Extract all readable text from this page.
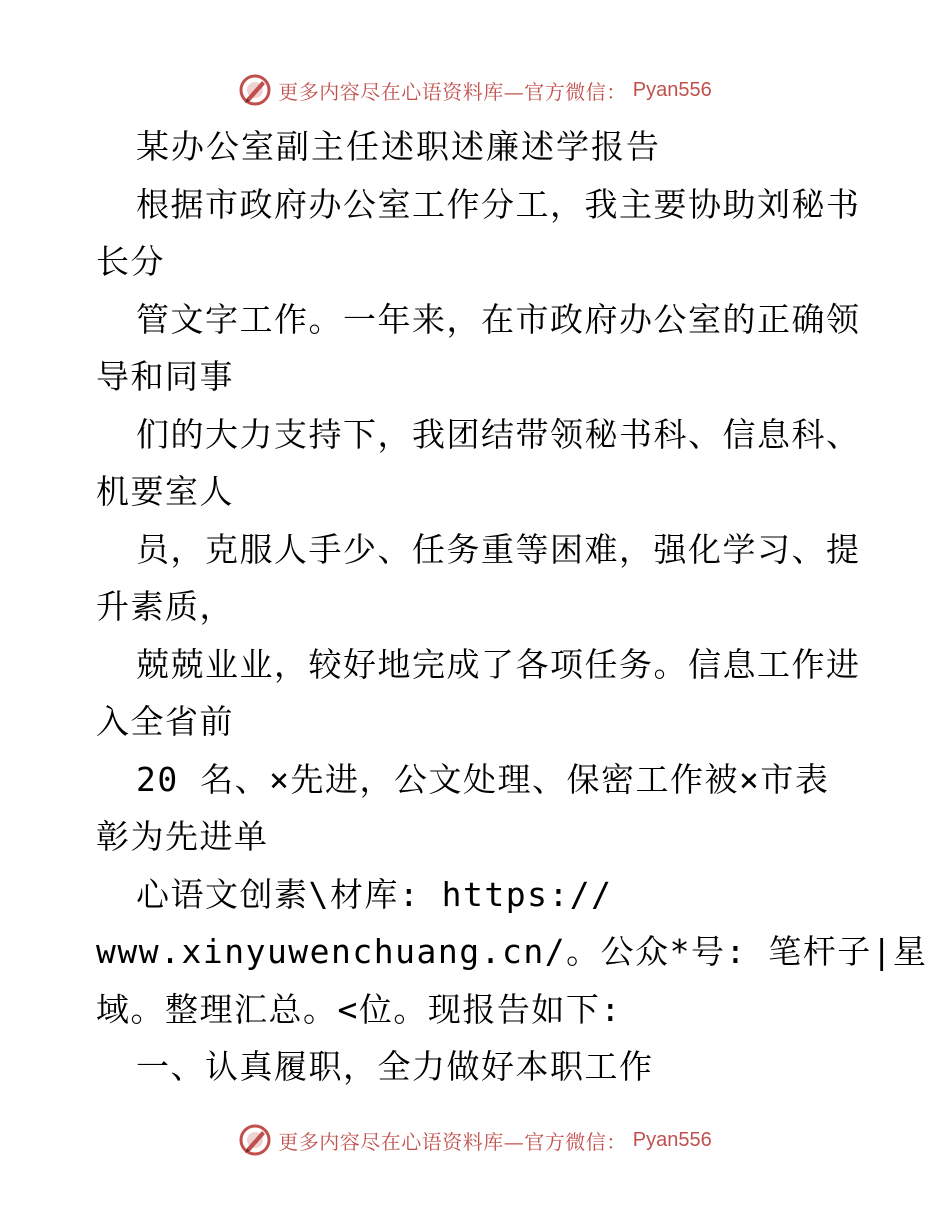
更多内容尽在心语资料库—官方微信： Pyan556
某办公室副主任述职述廉述学报告
根据市政府办公室工作分工，我主要协助刘秘书
长分
管文字工作。一年来，在市政府办公室的正确领
导和同事
们的大力支持下，我团结带领秘书科、信息科、
机要室人
员，克服人手少、任务重等困难，强化学习、提
升素质，
兢兢业业，较好地完成了各项任务。信息工作进
入全省前
20 名、×先进，公文处理、保密工作被×市表
彰为先进单
心语文创素\材库: https://
www.xinyuwenchuang.cn/。公众*号: 笔杆子|星
域。整理汇总。<位。现报告如下:
一、认真履职，全力做好本职工作
更多内容尽在心语资料库—官方微信： Pyan556
